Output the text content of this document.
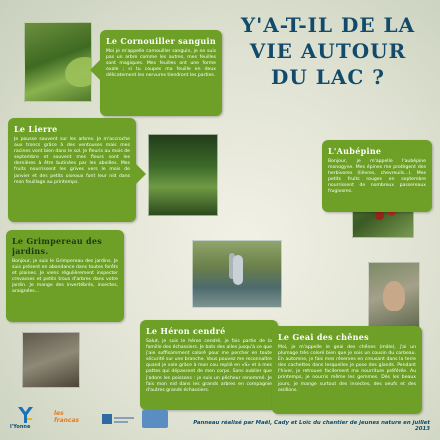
Y'A-T-IL DE LA
VIE AUTOUR
DU LAC ?
Le Cornouiller sanguin
Moi je m'appelle cornouiller sanguin, je ne suis pas un arbre comme les autres, mes feuilles sont magiques. Mes feuilles ont une forme ovale ; si tu coupes ma feuille en deux délicatement les nervures tiendront les parties.
Le Lierre
Je pousse souvent sur les arbres. Je m'accroche aux troncs grâce à des ventouses mais mes racines vont bien dans le sol. Je fleuris au mois de septembre et souvent mes fleurs sont les dernières à être butinées par les abeilles. Mes fruits nourrissent les grives vers le mois de janvier et des petits oiseaux font leur nid dans mon feuillage au printemps.
L'Aubépine
Bonjour, je m'appelle l'aubépine monogyne. Mes épines me protègent des herbivores (lièvres, chevreuils...). Mes petits fruits rouges en septembre nourrissent de nombreux passereaux frugivores.
Le Grimpereau des jardins.
Bonjour, je suis le Grimpereau des jardins. Je suis présent en abondance dans toutes forêts et plaines. Je viens régulièrement inspecter crevasses et petits trous d'arbres dans votre jardin. Je mange des invertébrés, insectes, araignées...
Le Héron cendré
Salut, je suis le héron cendré, je fais partie de la famille des échassiers. Je bats des ailes jusqu'à ce que j'aie suffisamment coloré pour me percher en toute sécurité sur une branche. Vous pouvez me reconnaître quand je vole grâce à mon cou replié en «S» et à mes pattes qui dépassent de mon corps. Sans oublier que j'adore les poissons : je suis un pêcheur renommé. Je fais mon nid dans les grands arbres en compagnie d'autres grands échassiers.
Le Geai des chênes
Moi, je m'appelle le geai des chênes (mâle), j'ai un plumage très coloré bien que je sois un cousin du corbeau. En automne, je fais mes réserves en creusant dans la terre des cachettes dans lesquelles je pose des glands. Pendant l'hiver, je retrouve facilement ma nourriture préférée. Au printemps, je nourris même les gemmes. Dès les beaux jours, je mange surtout des insectes, des oeufs et des oisillons.
l'Yonne
les francas	Panneau réalisé par Maël, Cady et Loïc du chantier de jeunes nature en juillet 2013
